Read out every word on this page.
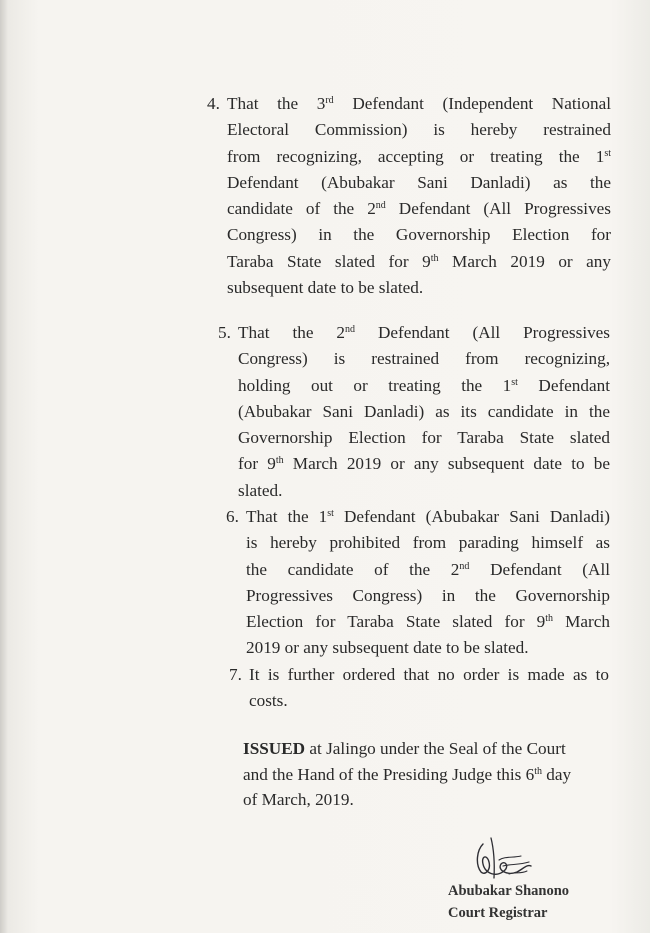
4. That the 3rd Defendant (Independent National

Electoral Commission) is hereby restrained

from recognizing, accepting or treating the 1st

Defendant (Abubakar Sani Danladi) as the

candidate of the 2nd Defendant (All Progressives

Congress) in the Governorship Election for

Taraba State slated for 9th March 2019 or any

subsequent date to be slated.

5. That the 2nd Defendant (All Progressives

Congress) is restrained from recognizing,

holding out or treating the 1st Defendant

(Abubakar Sani Danladi) as its candidate in the

Governorship Election for Taraba State slated

for 9th March 2019 or any subsequent date to be

slated.

6. That the 1st Defendant (Abubakar Sani Danladi)

is hereby prohibited from parading himself as

the candidate of the 2nd Defendant (All

Progressives Congress) in the Governorship

Election for Taraba State slated for 9th March

2019 or any subsequent date to be slated.

7. It is further ordered that no order is made as to

costs.

ISSUED at Jalingo under the Seal of the Court

and the Hand of the Presiding Judge this 6th day

of March, 2019.

Abubakar Shanono

Court Registrar
